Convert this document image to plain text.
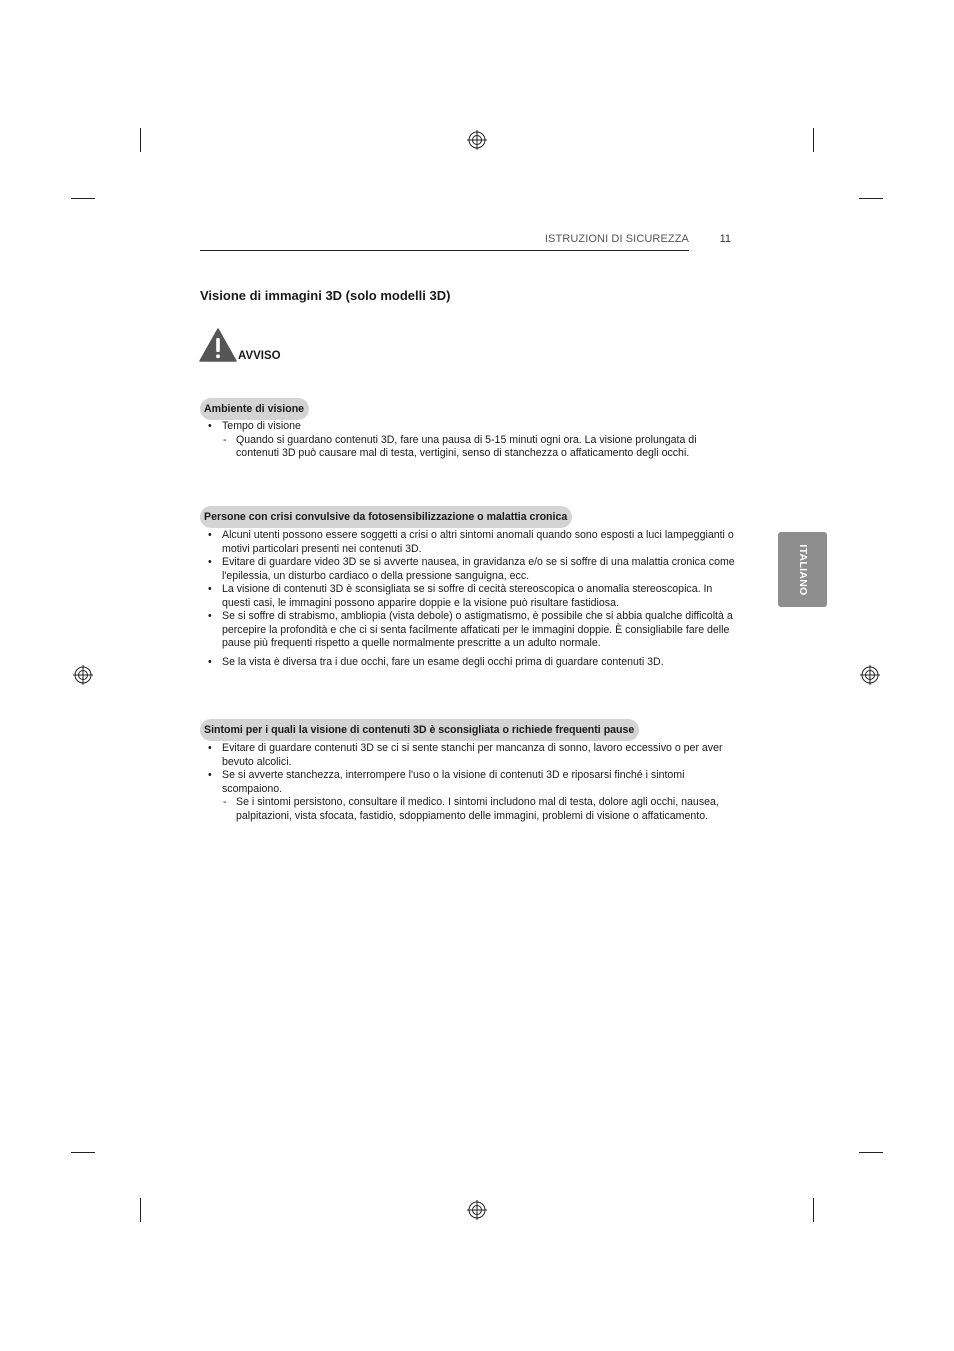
ISTRUZIONI DI SICUREZZA	11
Visione di immagini 3D (solo modelli 3D)
AVVISO
Ambiente di visione
• Tempo di visione
- Quando si guardano contenuti 3D, fare una pausa di 5-15 minuti ogni ora. La visione prolungata di contenuti 3D può causare mal di testa, vertigini, senso di stanchezza o affaticamento degli occhi.
Persone con crisi convulsive da fotosensibilizzazione o malattia cronica
• Alcuni utenti possono essere soggetti a crisi o altri sintomi anomali quando sono esposti a luci lampeggianti o motivi particolari presenti nei contenuti 3D.
• Evitare di guardare video 3D se si avverte nausea, in gravidanza e/o se si soffre di una malattia cronica come l'epilessia, un disturbo cardiaco o della pressione sanguigna, ecc.
• La visione di contenuti 3D è sconsigliata se si soffre di cecità stereoscopica o anomalia stereoscopica. In questi casi, le immagini possono apparire doppie e la visione può risultare fastidiosa.
• Se si soffre di strabismo, ambliopia (vista debole) o astigmatismo, è possibile che si abbia qualche difficoltà a percepire la profondità e che ci si senta facilmente affaticati per le immagini doppie. È consigliabile fare delle pause più frequenti rispetto a quelle normalmente prescritte a un adulto normale.
• Se la vista è diversa tra i due occhi, fare un esame degli occhi prima di guardare contenuti 3D.
Sintomi per i quali la visione di contenuti 3D è sconsigliata o richiede frequenti pause
• Evitare di guardare contenuti 3D se ci si sente stanchi per mancanza di sonno, lavoro eccessivo o per aver bevuto alcolici.
• Se si avverte stanchezza, interrompere l'uso o la visione di contenuti 3D e riposarsi finché i sintomi scompaiono.
- Se i sintomi persistono, consultare il medico. I sintomi includono mal di testa, dolore agli occhi, nausea, palpitazioni, vista sfocata, fastidio, sdoppiamento delle immagini, problemi di visione o affaticamento.
ITALIANO
